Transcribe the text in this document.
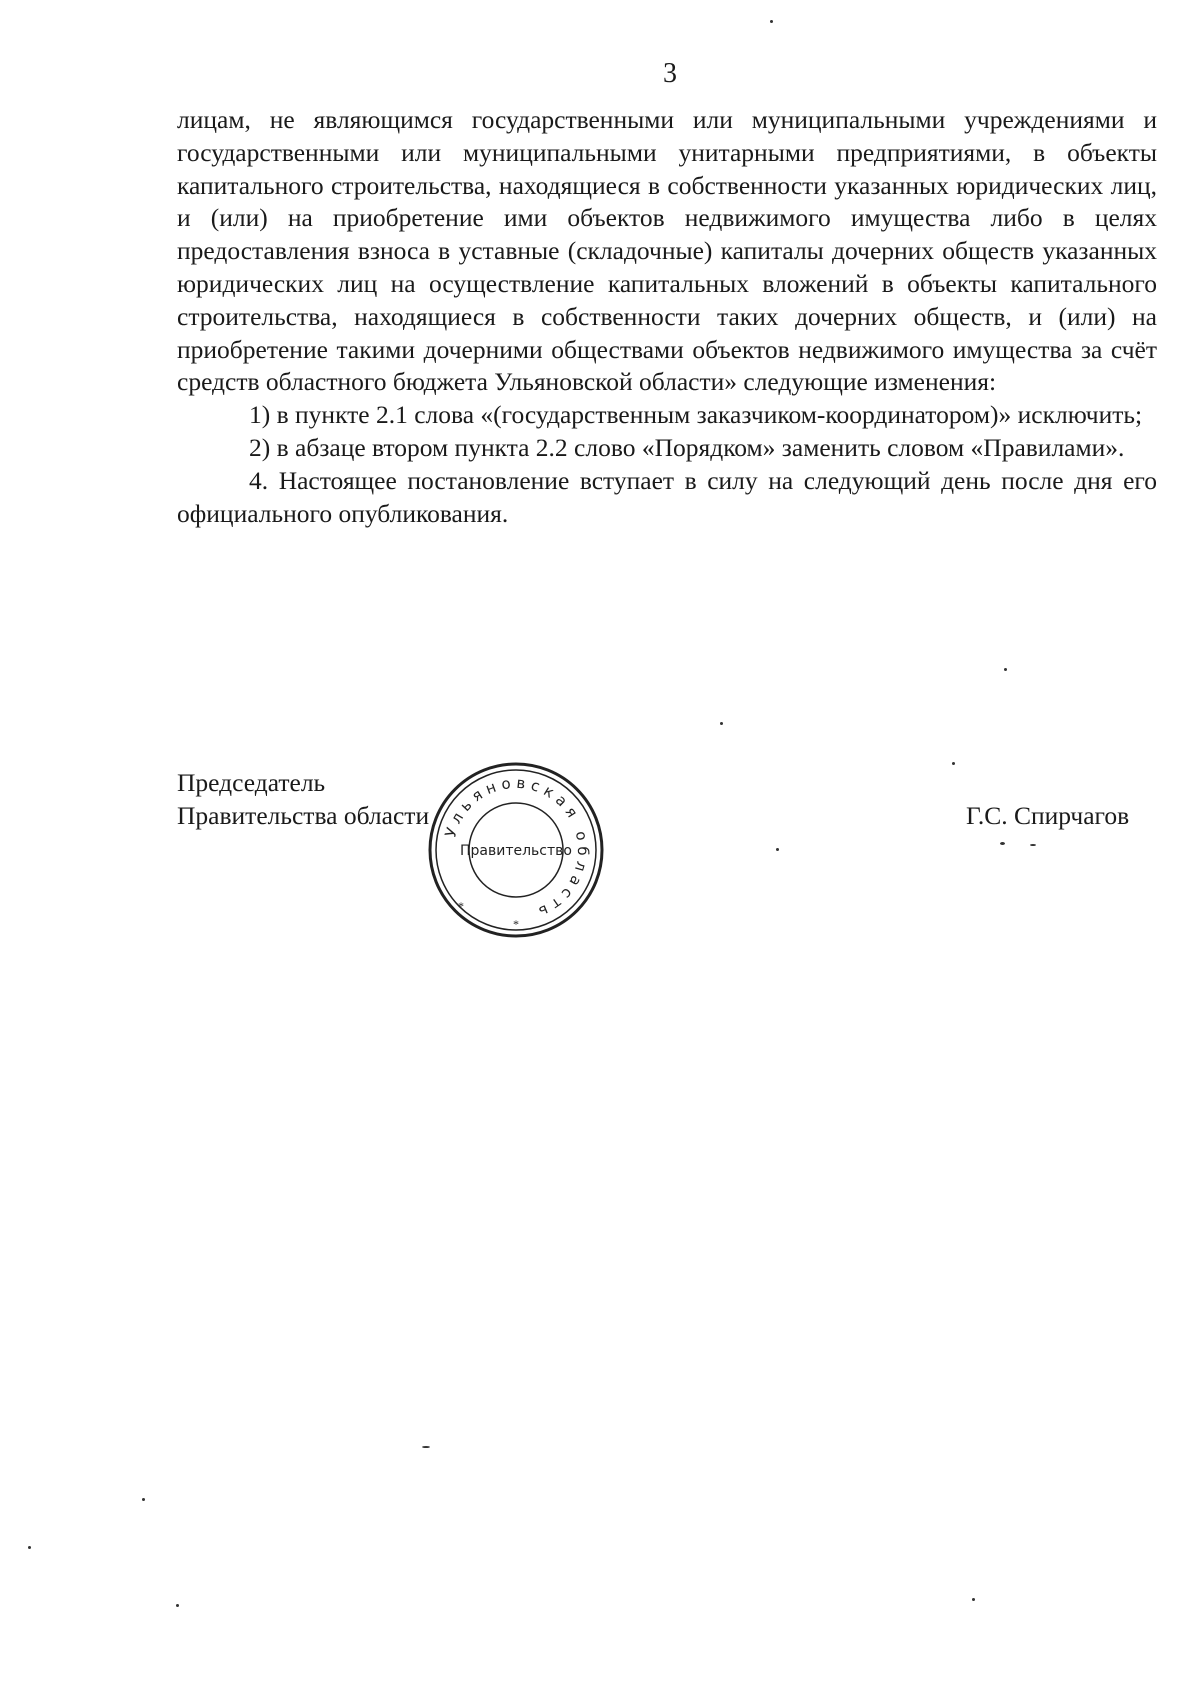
3

лицам, не являющимся государственными или муниципальными учреждениями и государственными или муниципальными унитарными предприятиями, в объекты капитального строительства, находящиеся в собственности указанных юридических лиц, и (или) на приобретение ими объектов недвижимого имущества либо в целях предоставления взноса в уставные (складочные) капиталы дочерних обществ указанных юридических лиц на осуществление капитальных вложений в объекты капитального строительства, находящиеся в собственности таких дочерних обществ, и (или) на приобретение такими дочерними обществами объектов недвижимого имущества за счёт средств областного бюджета Ульяновской области» следующие изменения:

1) в пункте 2.1 слова «(государственным заказчиком-координатором)» исключить;

2) в абзаце втором пункта 2.2 слово «Порядком» заменить словом «Правилами».

4. Настоящее постановление вступает в силу на следующий день после дня его официального опубликования.

Председатель
Правительства области	Г.С. Спирчагов
Ульяновская область
Правительство
*
*
